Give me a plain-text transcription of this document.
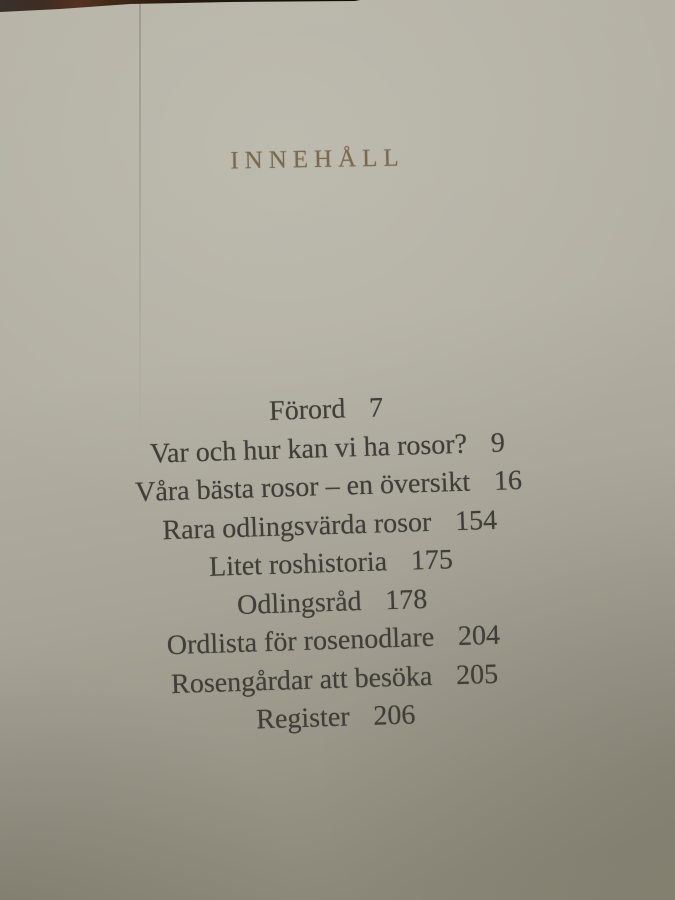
INNEHÅLL
Förord 7
Var och hur kan vi ha rosor? 9
Våra bästa rosor – en översikt 16
Rara odlingsvärda rosor 154
Litet roshistoria 175
Odlingsråd 178
Ordlista för rosenodlare 204
Rosengårdar att besöka 205
Register 206
